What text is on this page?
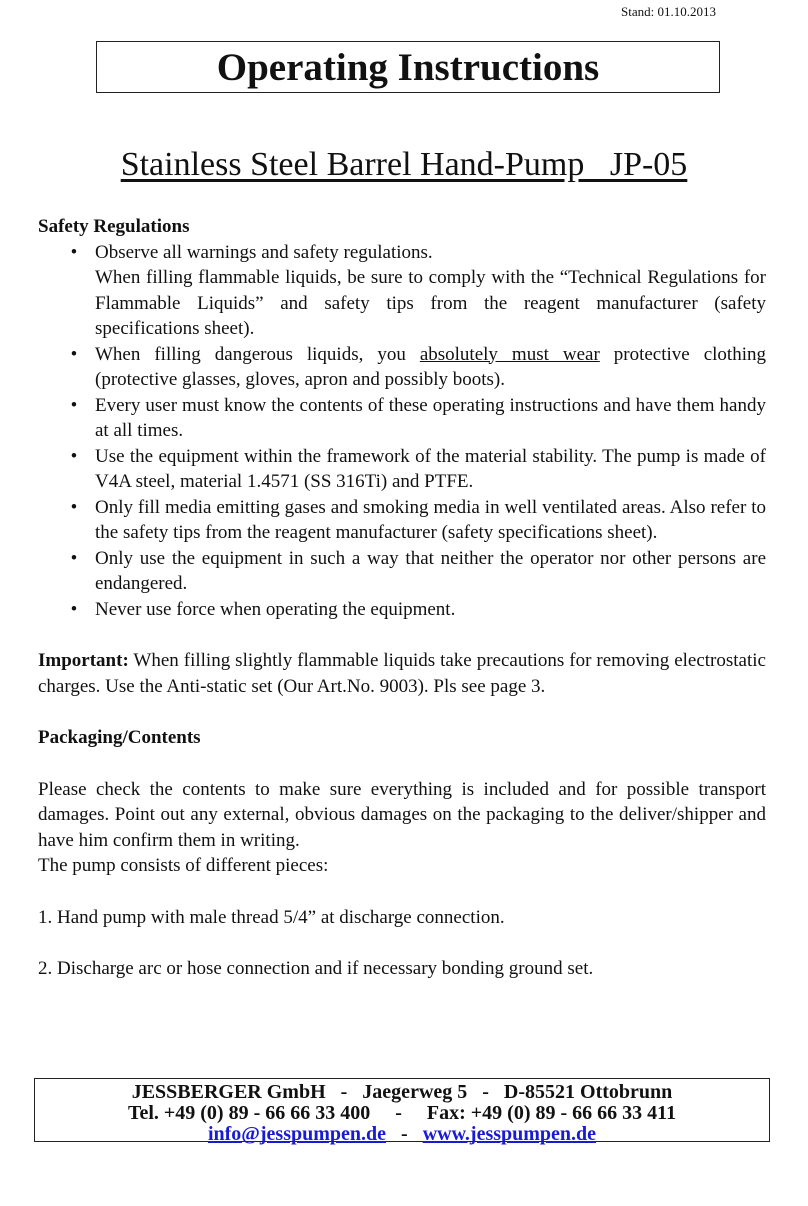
Stand: 01.10.2013
Operating Instructions
Stainless Steel Barrel Hand-Pump   JP-05

Safety Regulations

• Observe all warnings and safety regulations.
When filling flammable liquids, be sure to comply with the “Technical Regulations for Flammable Liquids” and safety tips from the reagent manufacturer (safety specifications sheet).
• When filling dangerous liquids, you absolutely must wear protective clothing (protective glasses, gloves, apron and possibly boots).
• Every user must know the contents of these operating instructions and have them handy at all times.
• Use the equipment within the framework of the material stability. The pump is made of V4A steel, material 1.4571 (SS 316Ti) and PTFE.
• Only fill media emitting gases and smoking media in well ventilated areas. Also refer to the safety tips from the reagent manufacturer (safety specifications sheet).
• Only use the equipment in such a way that neither the operator nor other persons are endangered.
• Never use force when operating the equipment.

Important: When filling slightly flammable liquids take precautions for removing electrostatic charges. Use the Anti-static set (Our Art.No. 9003). Pls see page 3.

Packaging/Contents

Please check the contents to make sure everything is included and for possible transport damages. Point out any external, obvious damages on the packaging to the deliver/shipper and have him confirm them in writing.

The pump consists of different pieces:

1. Hand pump with male thread 5/4” at discharge connection.

2. Discharge arc or hose connection and if necessary bonding ground set.

JESSBERGER GmbH   -   Jaegerweg 5   -   D-85521 Ottobrunn
Tel. +49 (0) 89 - 66 66 33 400     -     Fax: +49 (0) 89 - 66 66 33 411
info@jesspumpen.de   -   www.jesspumpen.de
